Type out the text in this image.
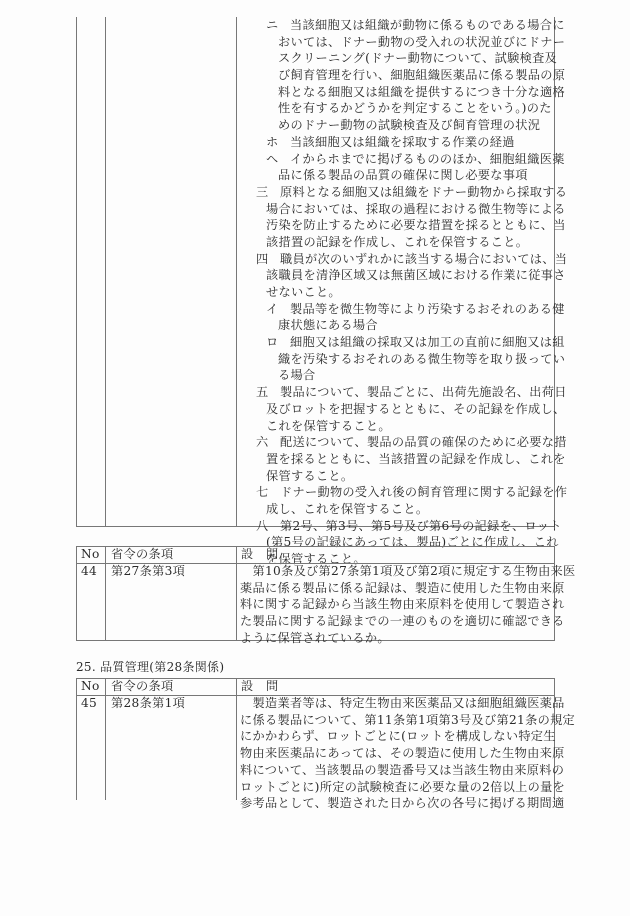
ニ 当該細胞又は組織が動物に係るものである場合に
おいては、ドナー動物の受入れの状況並びにドナー
スクリーニング(ドナー動物について、試験検査及
び飼育管理を行い、細胞組織医薬品に係る製品の原
料となる細胞又は組織を提供するにつき十分な適格
性を有するかどうかを判定することをいう。)のた
めのドナー動物の試験検査及び飼育管理の状況
ホ 当該細胞又は組織を採取する作業の経過
ヘ イからホまでに掲げるもののほか、細胞組織医薬
品に係る製品の品質の確保に関し必要な事項
三 原料となる細胞又は組織をドナー動物から採取する
場合においては、採取の過程における微生物等による
汚染を防止するために必要な措置を採るとともに、当
該措置の記録を作成し、これを保管すること。
四 職員が次のいずれかに該当する場合においては、当
該職員を清浄区域又は無菌区域における作業に従事さ
せないこと。
イ 製品等を微生物等により汚染するおそれのある健
康状態にある場合
ロ 細胞又は組織の採取又は加工の直前に細胞又は組
織を汚染するおそれのある微生物等を取り扱ってい
る場合
五 製品について、製品ごとに、出荷先施設名、出荷日
及びロットを把握するとともに、その記録を作成し、
これを保管すること。
六 配送について、製品の品質の確保のために必要な措
置を採るとともに、当該措置の記録を作成し、これを
保管すること。
七 ドナー動物の受入れ後の飼育管理に関する記録を作
成し、これを保管すること。
八 第2号、第3号、第5号及び第6号の記録を、ロット
(第5号の記録にあっては、製品)ごとに作成し、これ
を保管すること。
No 省令の条項	設　問
44 第27条第3項	　第10条及び第27条第1項及び第2項に規定する生物由来医
薬品に係る製品に係る記録は、製造に使用した生物由来原
料に関する記録から当該生物由来原料を使用して製造され
た製品に関する記録までの一連のものを適切に確認できる
ように保管されているか。
25. 品質管理(第28条関係)
No 省令の条項	設　問
45 第28条第1項	　製造業者等は、特定生物由来医薬品又は細胞組織医薬品
に係る製品について、第11条第1項第3号及び第21条の規定
にかかわらず、ロットごとに(ロットを構成しない特定生
物由来医薬品にあっては、その製造に使用した生物由来原
料について、当該製品の製造番号又は当該生物由来原料の
ロットごとに)所定の試験検査に必要な量の2倍以上の量を
参考品として、製造された日から次の各号に掲げる期間適
